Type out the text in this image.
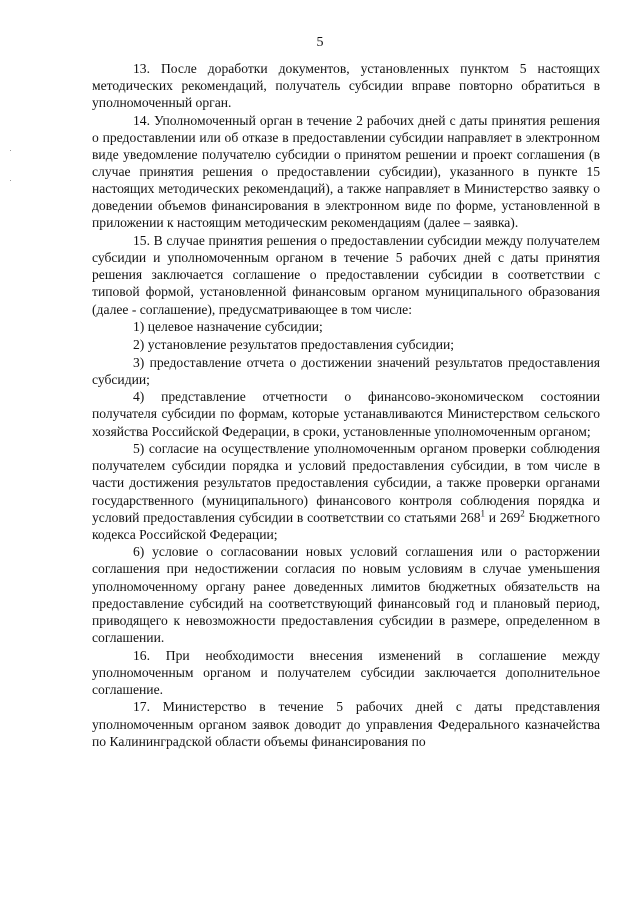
5

13. После доработки документов, установленных пунктом 5 настоящих методических рекомендаций, получатель субсидии вправе повторно обратиться в уполномоченный орган.

14. Уполномоченный орган в течение 2 рабочих дней с даты принятия решения о предоставлении или об отказе в предоставлении субсидии направляет в электронном виде уведомление получателю субсидии о принятом решении и проект соглашения (в случае принятия решения о предоставлении субсидии), указанного в пункте 15 настоящих методических рекомендаций), а также направляет в Министерство заявку о доведении объемов финансирования в электронном виде по форме, установленной в приложении к настоящим методическим рекомендациям (далее – заявка).

15. В случае принятия решения о предоставлении субсидии между получателем субсидии и уполномоченным органом в течение 5 рабочих дней с даты принятия решения заключается соглашение о предоставлении субсидии в соответствии с типовой формой, установленной финансовым органом муниципального образования (далее - соглашение), предусматривающее в том числе:

1) целевое назначение субсидии;

2) установление результатов предоставления субсидии;

3) предоставление отчета о достижении значений результатов предоставления субсидии;

4) представление отчетности о финансово-экономическом состоянии получателя субсидии по формам, которые устанавливаются Министерством сельского хозяйства Российской Федерации, в сроки, установленные уполномоченным органом;

5) согласие на осуществление уполномоченным органом проверки соблюдения получателем субсидии порядка и условий предоставления субсидии, в том числе в части достижения результатов предоставления субсидии, а также проверки органами государственного (муниципального) финансового контроля соблюдения порядка и условий предоставления субсидии в соответствии со статьями $268^1$ и $269^2$ Бюджетного кодекса Российской Федерации;

6) условие о согласовании новых условий соглашения или о расторжении соглашения при недостижении согласия по новым условиям в случае уменьшения уполномоченному органу ранее доведенных лимитов бюджетных обязательств на предоставление субсидий на соответствующий финансовый год и плановый период, приводящего к невозможности предоставления субсидии в размере, определенном в соглашении.

16. При необходимости внесения изменений в соглашение между уполномоченным органом и получателем субсидии заключается дополнительное соглашение.

17. Министерство в течение 5 рабочих дней с даты представления уполномоченным органом заявок доводит до управления Федерального казначейства по Калининградской области объемы финансирования по
